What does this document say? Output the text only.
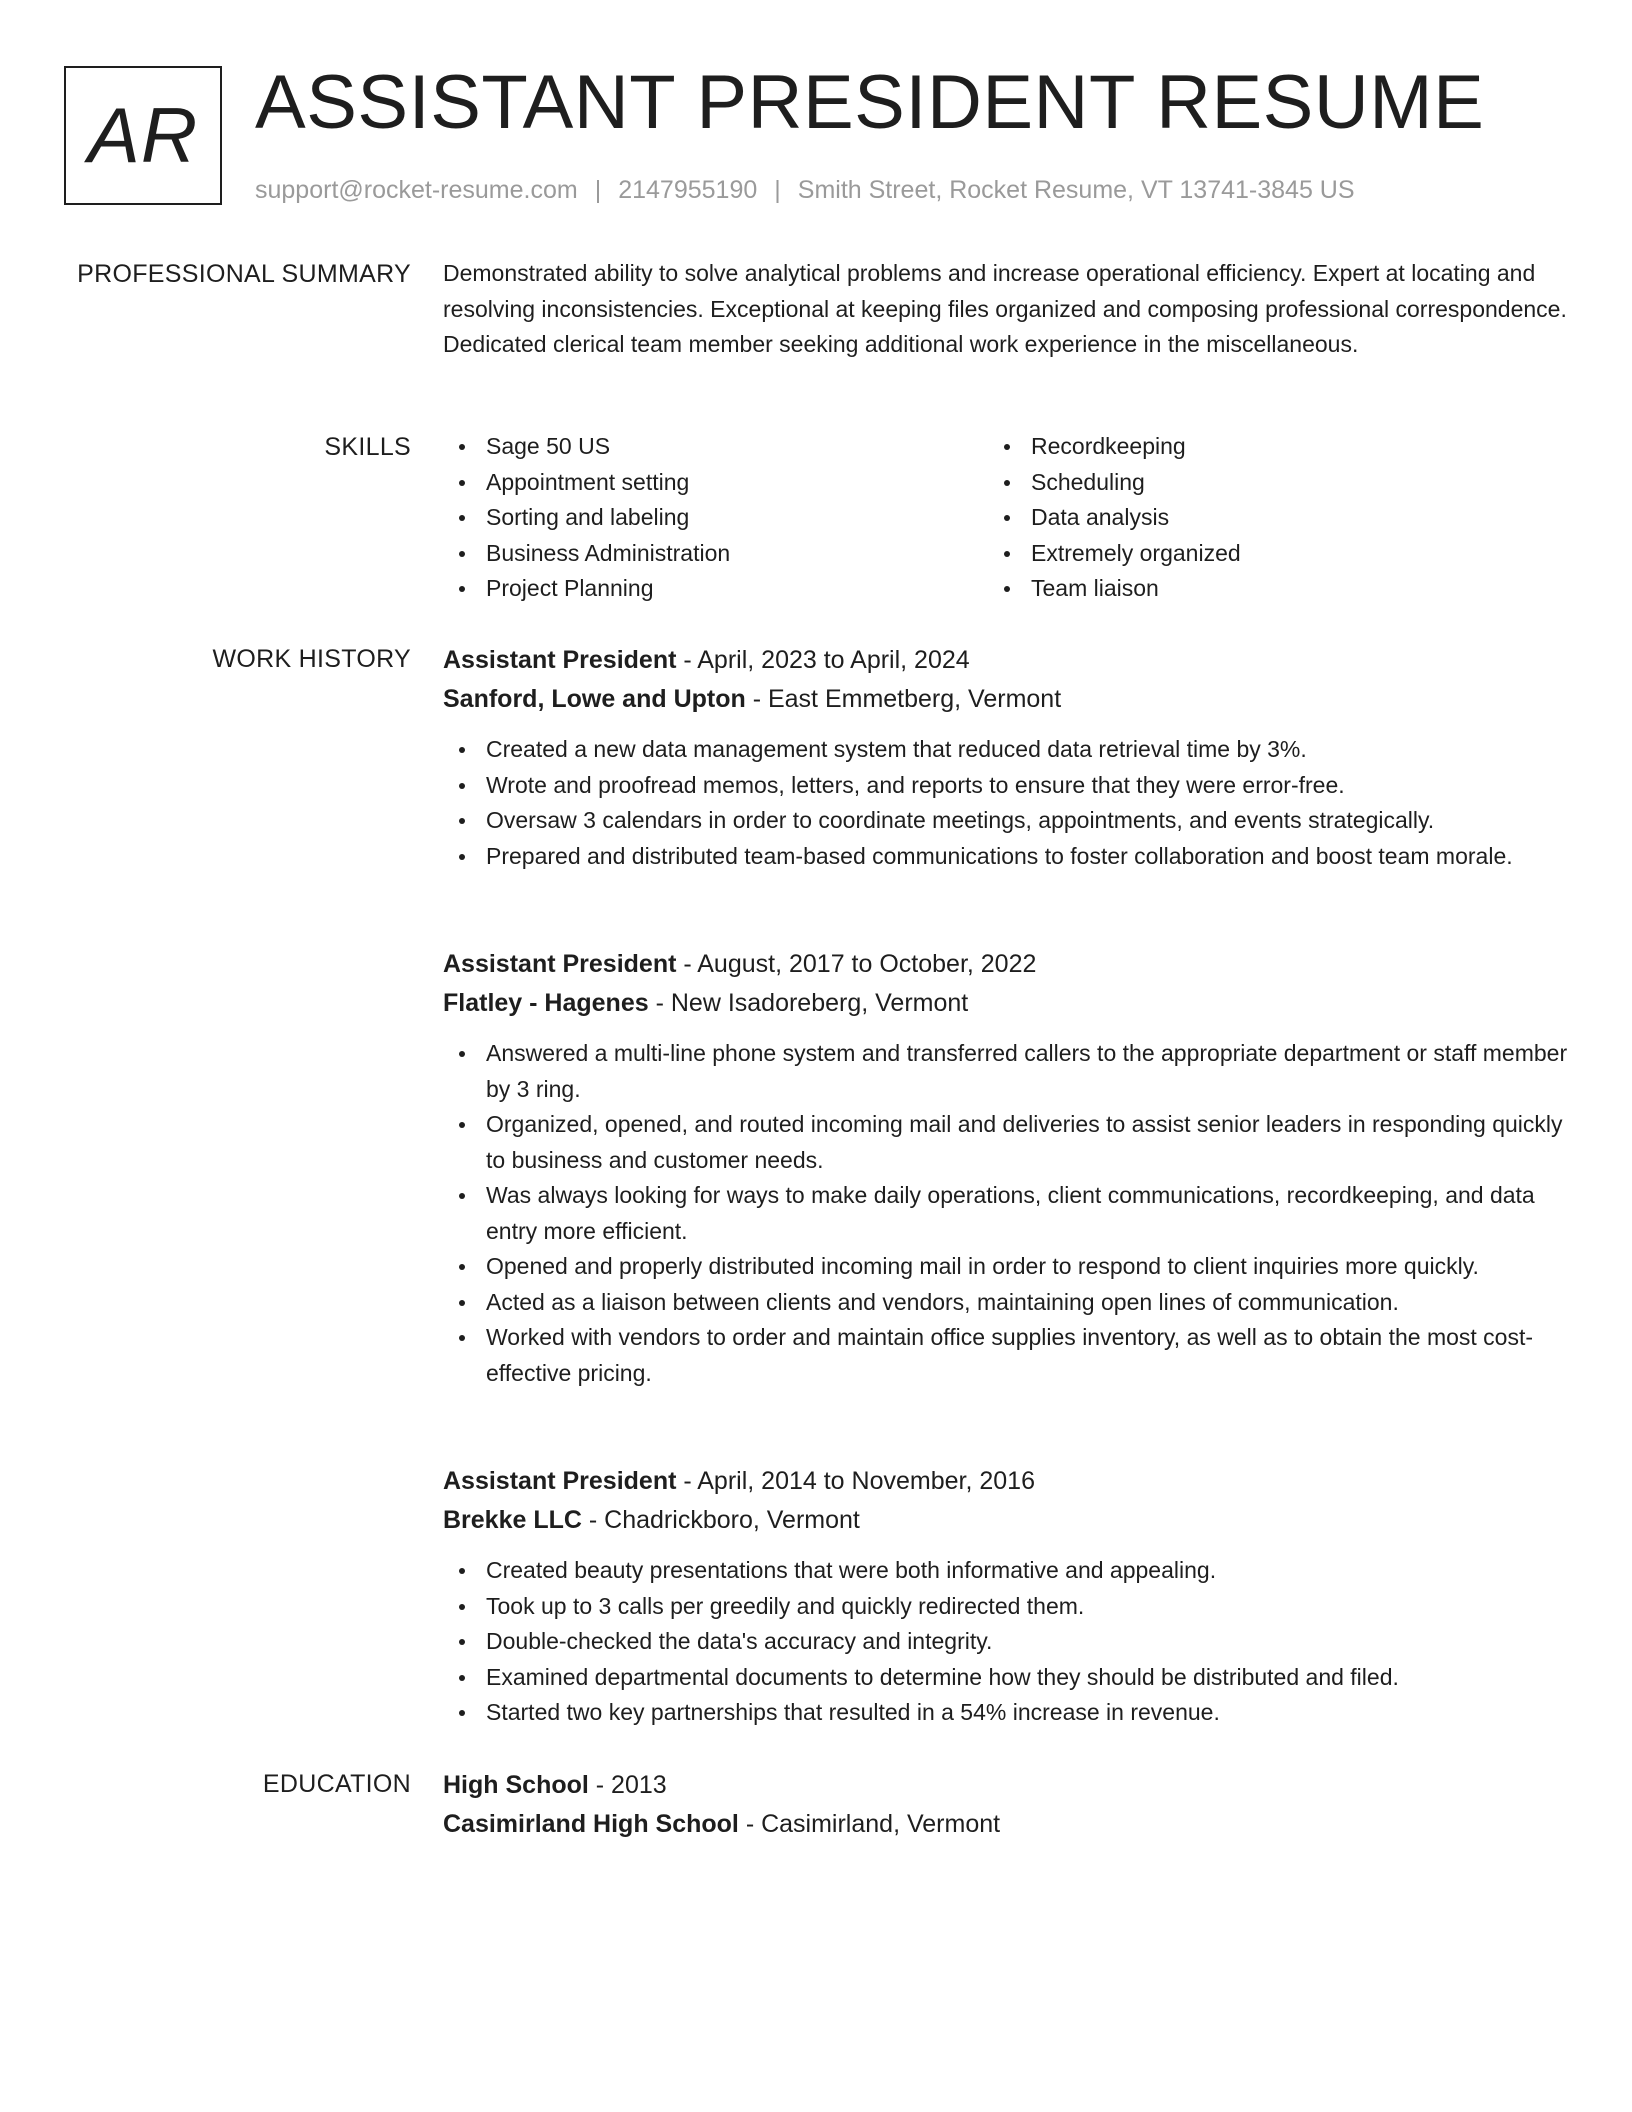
AR ASSISTANT PRESIDENT RESUME
support@rocket-resume.com | 2147955190 | Smith Street, Rocket Resume, VT 13741-3845 US
PROFESSIONAL SUMMARY Demonstrated ability to solve analytical problems and increase operational efficiency. Expert at locating and resolving inconsistencies. Exceptional at keeping files organized and composing professional correspondence. Dedicated clerical team member seeking additional work experience in the miscellaneous.

SKILLS	Sage 50 US
Appointment setting
Sorting and labeling
Business Administration
Project Planning
Recordkeeping
Scheduling
Data analysis
Extremely organized
Team liaison
WORK HISTORY Assistant President - April, 2023 to April, 2024
Sanford, Lowe and Upton - East Emmetberg, Vermont
Created a new data management system that reduced data retrieval time by 3%.
Wrote and proofread memos, letters, and reports to ensure that they were error-free.
Oversaw 3 calendars in order to coordinate meetings, appointments, and events strategically.
Prepared and distributed team-based communications to foster collaboration and boost team morale.
Assistant President - August, 2017 to October, 2022
Flatley - Hagenes - New Isadoreberg, Vermont
Answered a multi-line phone system and transferred callers to the appropriate department or staff member by 3 ring.
Organized, opened, and routed incoming mail and deliveries to assist senior leaders in responding quickly to business and customer needs.
Was always looking for ways to make daily operations, client communications, recordkeeping, and data entry more efficient.
Opened and properly distributed incoming mail in order to respond to client inquiries more quickly.
Acted as a liaison between clients and vendors, maintaining open lines of communication.
Worked with vendors to order and maintain office supplies inventory, as well as to obtain the most cost-effective pricing.
Assistant President - April, 2014 to November, 2016
Brekke LLC - Chadrickboro, Vermont
Created beauty presentations that were both informative and appealing.
Took up to 3 calls per greedily and quickly redirected them.
Double-checked the data's accuracy and integrity.
Examined departmental documents to determine how they should be distributed and filed.
Started two key partnerships that resulted in a 54% increase in revenue.
EDUCATION High School - 2013
Casimirland High School - Casimirland, Vermont
